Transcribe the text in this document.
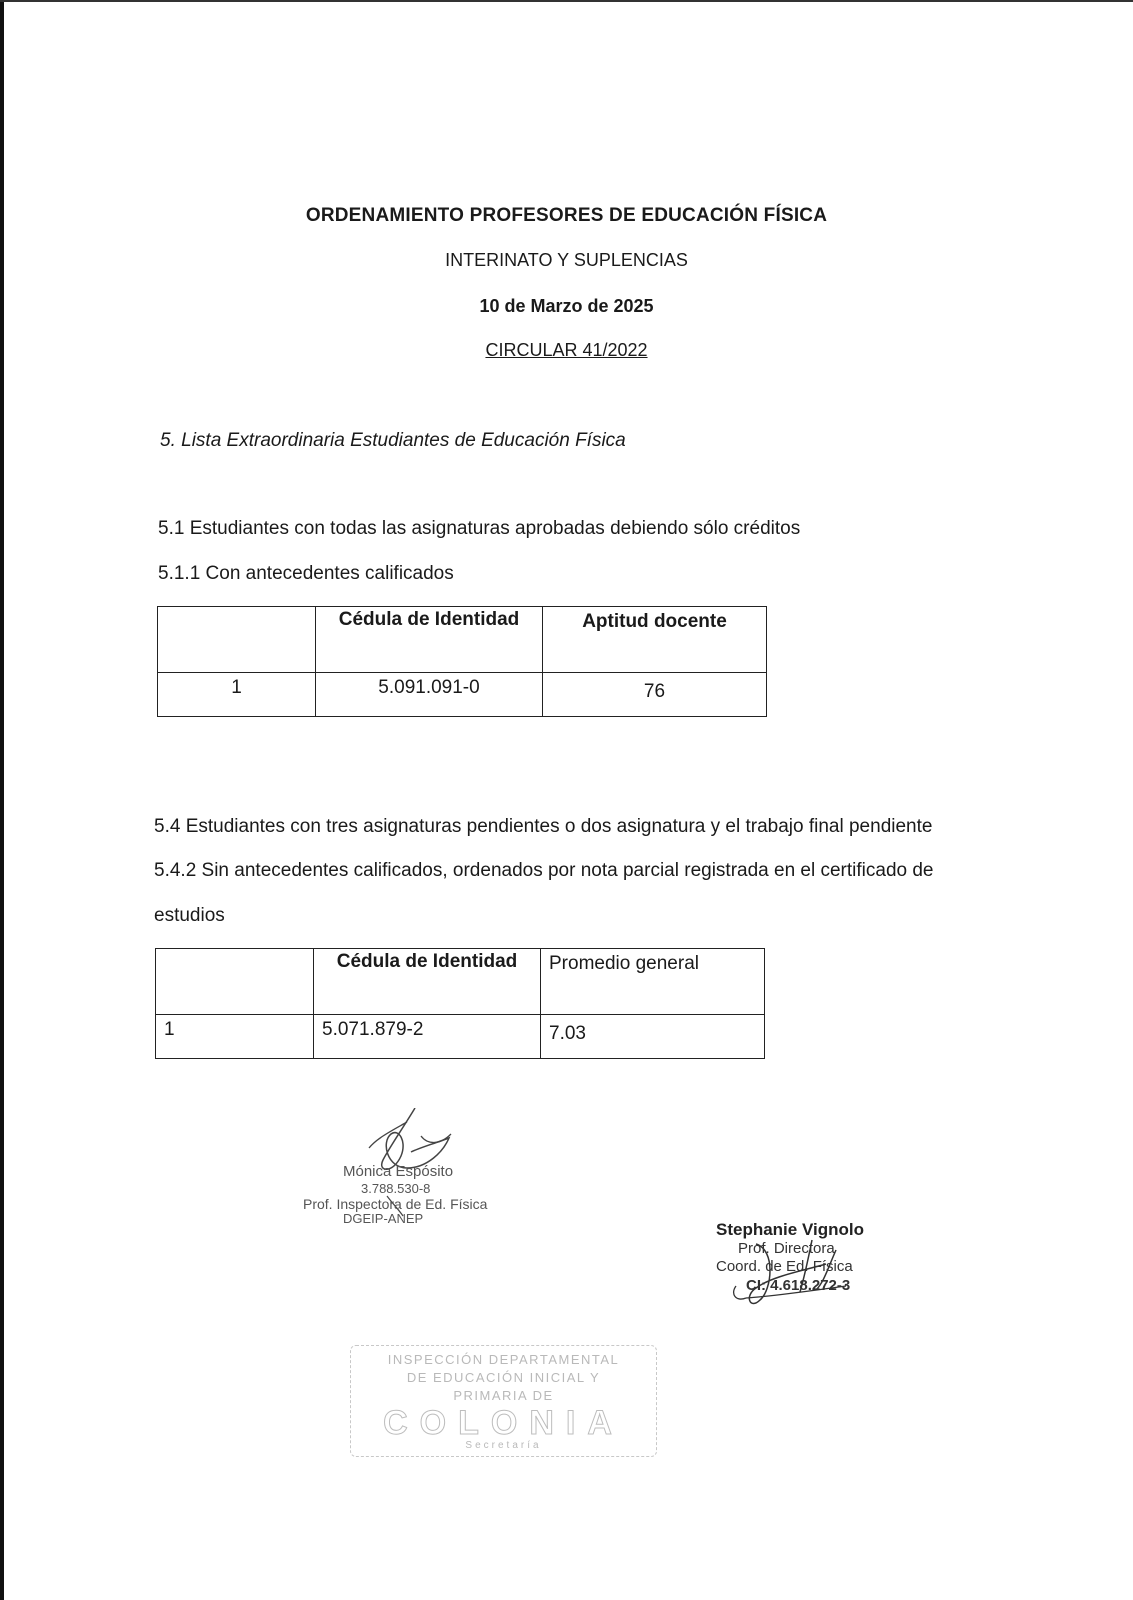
ORDENAMIENTO PROFESORES DE EDUCACIÓN FÍSICA
INTERINATO Y SUPLENCIAS
10 de Marzo de 2025
CIRCULAR 41/2022
5. Lista Extraordinaria Estudiantes de Educación Física
5.1 Estudiantes con todas las asignaturas aprobadas debiendo sólo créditos
5.1.1 Con antecedentes calificados
	Cédula de Identidad	Aptitud docente
1	5.091.091-0	76
5.4 Estudiantes con tres asignaturas pendientes o dos asignatura y el trabajo final pendiente
5.4.2 Sin antecedentes calificados, ordenados por nota parcial registrada en el certificado de
estudios
	Cédula de Identidad	Promedio general
1	5.071.879-2	7.03
Mónica Espósito
3.788.530-8
Prof. Inspectora de Ed. Física
DGEIP-ANEP
Stephanie Vignolo
Prof. Directora
Coord. de Ed. Física
CI: 4.618.272-3
INSPECCIÓN DEPARTAMENTAL
DE EDUCACIÓN INICIAL Y
PRIMARIA DE
COLONIA
Secretaría
